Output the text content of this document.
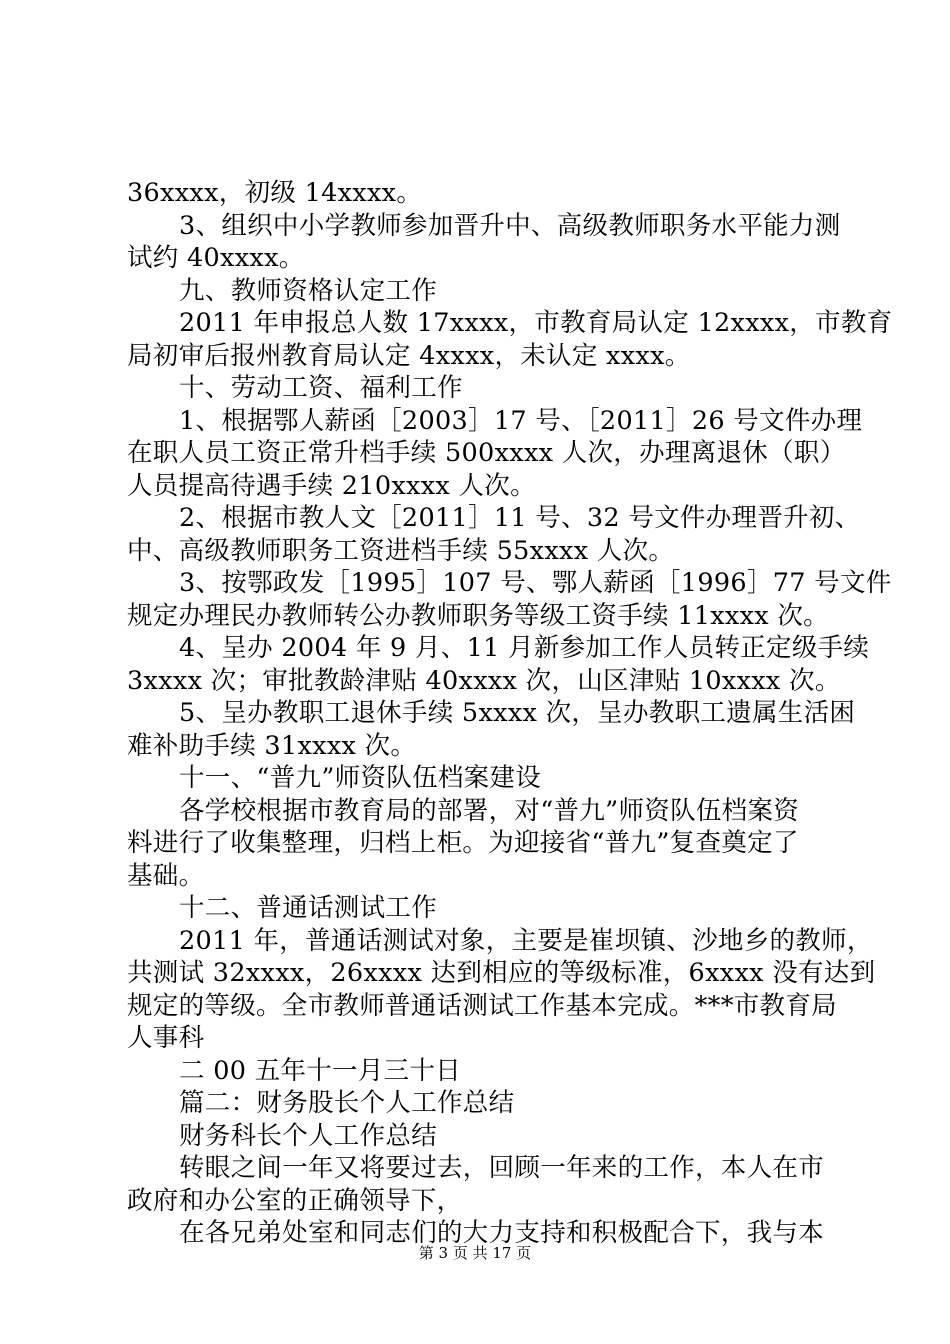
36xxxx，初级 14xxxx。
3、组织中小学教师参加晋升中、高级教师职务水平能力测
试约 40xxxx。
九、教师资格认定工作
2011 年申报总人数 17xxxx，市教育局认定 12xxxx，市教育
局初审后报州教育局认定 4xxxx，未认定 xxxx。
十、劳动工资、福利工作
1、根据鄂人薪函［2003］17 号、［2011］26 号文件办理
在职人员工资正常升档手续 500xxxx 人次，办理离退休（职）
人员提高待遇手续 210xxxx 人次。
2、根据市教人文［2011］11 号、32 号文件办理晋升初、
中、高级教师职务工资进档手续 55xxxx 人次。
3、按鄂政发［1995］107 号、鄂人薪函［1996］77 号文件
规定办理民办教师转公办教师职务等级工资手续 11xxxx 次。
4、呈办 2004 年 9 月、11 月新参加工作人员转正定级手续
3xxxx 次；审批教龄津贴 40xxxx 次，山区津贴 10xxxx 次。
5、呈办教职工退休手续 5xxxx 次，呈办教职工遗属生活困
难补助手续 31xxxx 次。
十一、“普九”师资队伍档案建设
各学校根据市教育局的部署，对“普九”师资队伍档案资
料进行了收集整理，归档上柜。为迎接省“普九”复查奠定了
基础。
十二、普通话测试工作
2011 年，普通话测试对象，主要是崔坝镇、沙地乡的教师，
共测试 32xxxx，26xxxx 达到相应的等级标准，6xxxx 没有达到
规定的等级。全市教师普通话测试工作基本完成。***市教育局
人事科
二 00 五年十一月三十日
篇二：财务股长个人工作总结
财务科长个人工作总结
转眼之间一年又将要过去，回顾一年来的工作，本人在市
政府和办公室的正确领导下，
在各兄弟处室和同志们的大力支持和积极配合下，我与本
第 3 页 共 17 页
